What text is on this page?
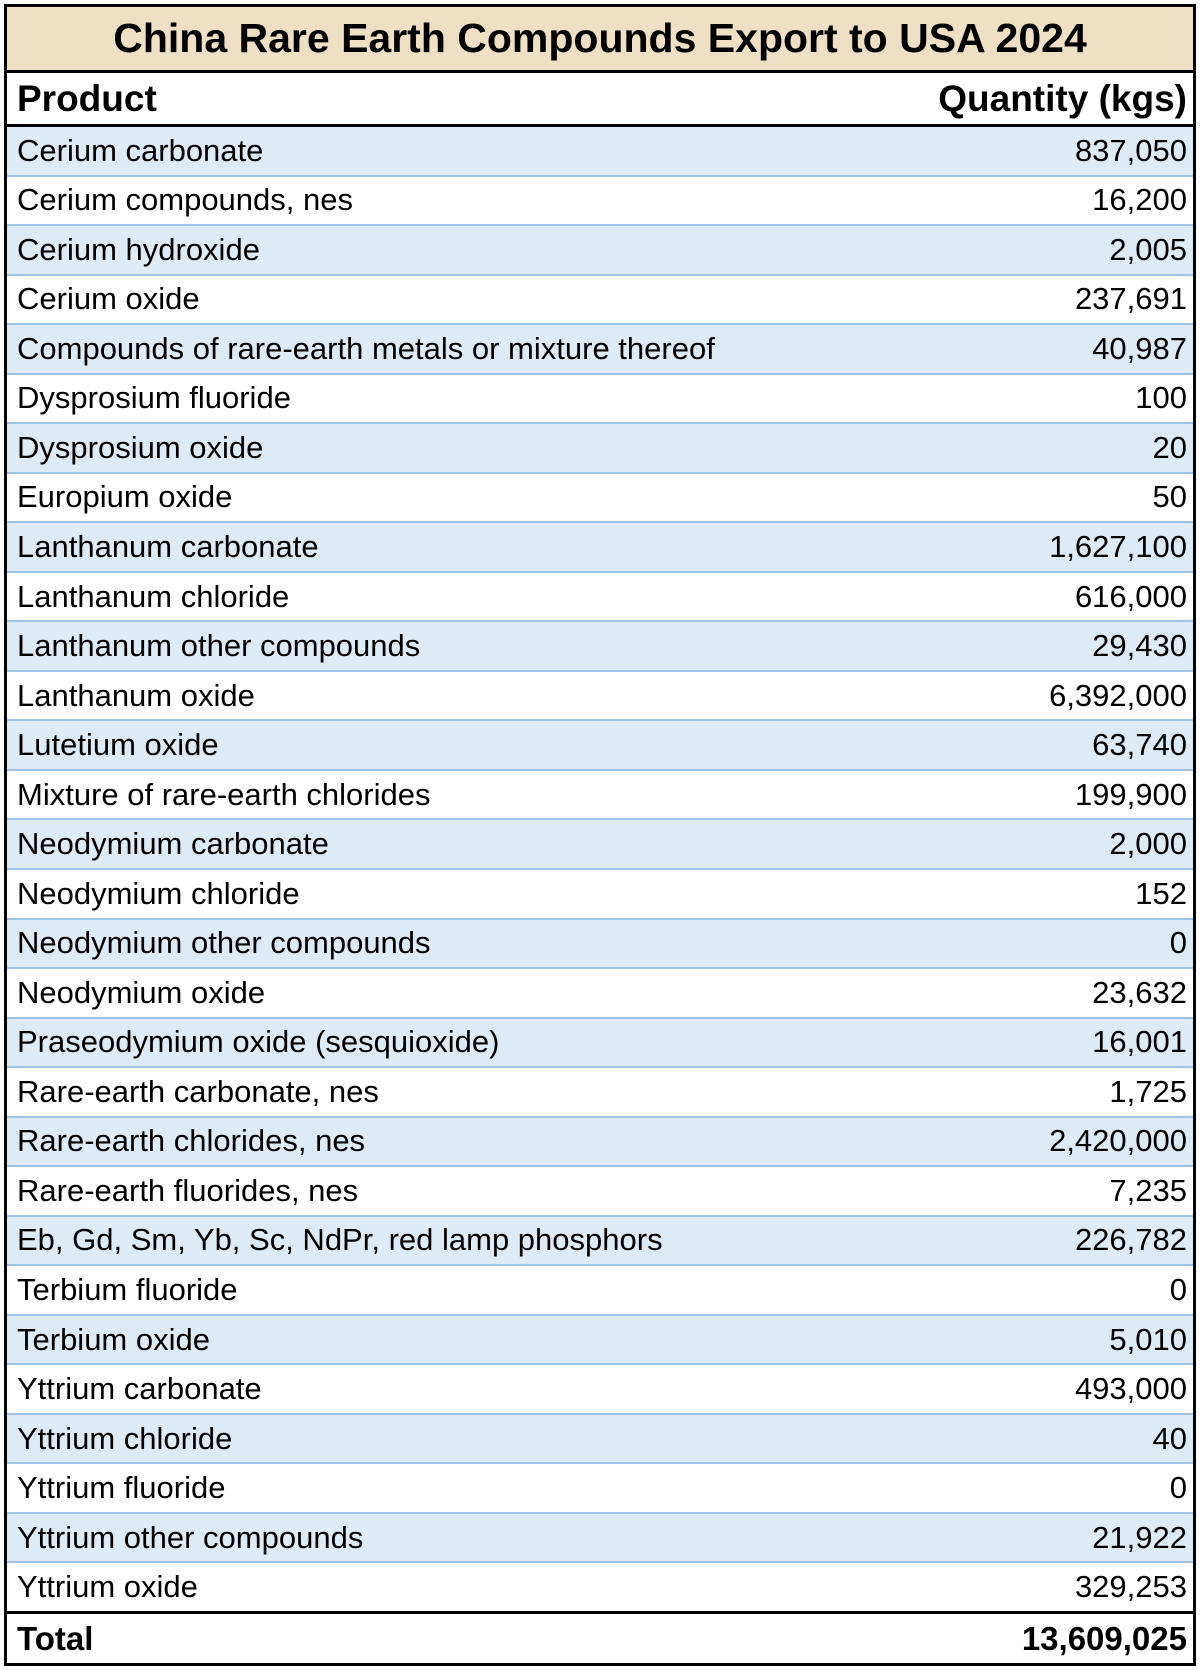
China Rare Earth Compounds Export to USA 2024
Product	Quantity (kgs)
Cerium carbonate	837,050
Cerium compounds, nes	16,200
Cerium hydroxide	2,005
Cerium oxide	237,691
Compounds of rare-earth metals or mixture thereof	40,987
Dysprosium fluoride	100
Dysprosium oxide	20
Europium oxide	50
Lanthanum carbonate	1,627,100
Lanthanum chloride	616,000
Lanthanum other compounds	29,430
Lanthanum oxide	6,392,000
Lutetium oxide	63,740
Mixture of rare-earth chlorides	199,900
Neodymium carbonate	2,000
Neodymium chloride	152
Neodymium other compounds	0
Neodymium oxide	23,632
Praseodymium oxide (sesquioxide)	16,001
Rare-earth carbonate, nes	1,725
Rare-earth chlorides, nes	2,420,000
Rare-earth fluorides, nes	7,235
Eb, Gd, Sm, Yb, Sc, NdPr, red lamp phosphors	226,782
Terbium fluoride	0
Terbium oxide	5,010
Yttrium carbonate	493,000
Yttrium chloride	40
Yttrium fluoride	0
Yttrium other compounds	21,922
Yttrium oxide	329,253
Total	13,609,025
